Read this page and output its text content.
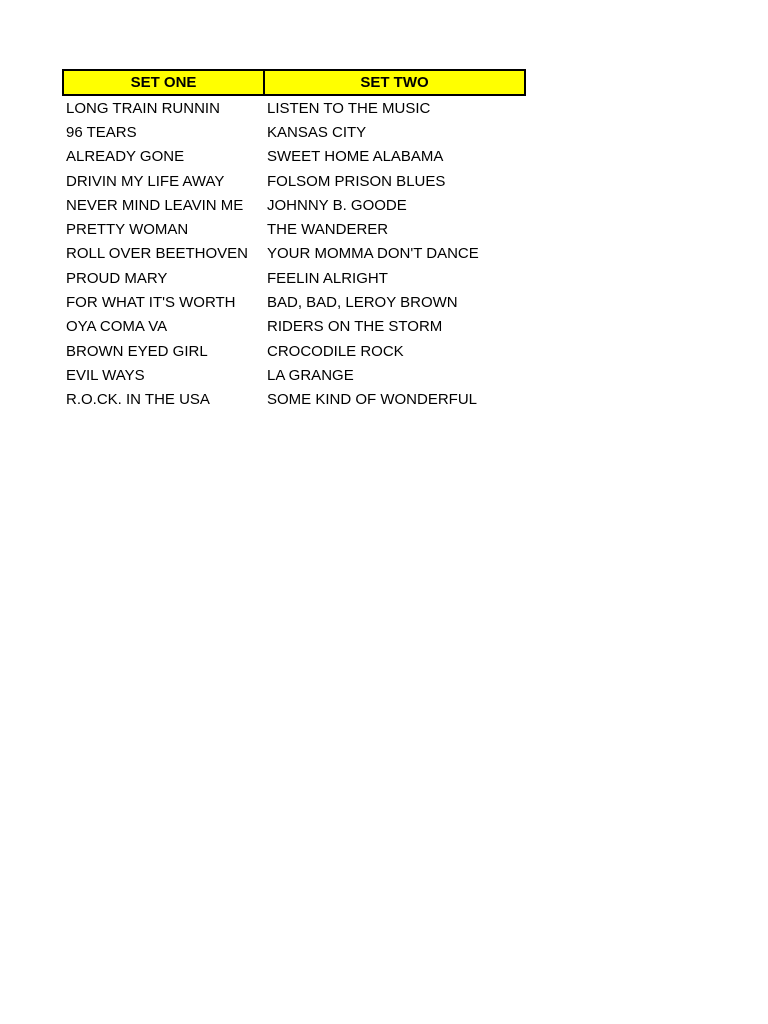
SET ONE	SET TWO
LONG TRAIN RUNNIN	LISTEN TO THE MUSIC
96 TEARS	KANSAS CITY
ALREADY GONE	SWEET HOME ALABAMA
DRIVIN MY LIFE AWAY	FOLSOM PRISON BLUES
NEVER MIND LEAVIN ME	JOHNNY B. GOODE
PRETTY WOMAN	THE WANDERER
ROLL OVER BEETHOVEN	YOUR MOMMA DON'T DANCE
PROUD MARY	FEELIN ALRIGHT
FOR WHAT IT'S WORTH	BAD, BAD, LEROY BROWN
OYA COMA VA	RIDERS ON THE STORM
BROWN EYED GIRL	CROCODILE ROCK
EVIL WAYS	LA GRANGE
R.O.CK. IN THE USA	SOME KIND OF WONDERFUL
